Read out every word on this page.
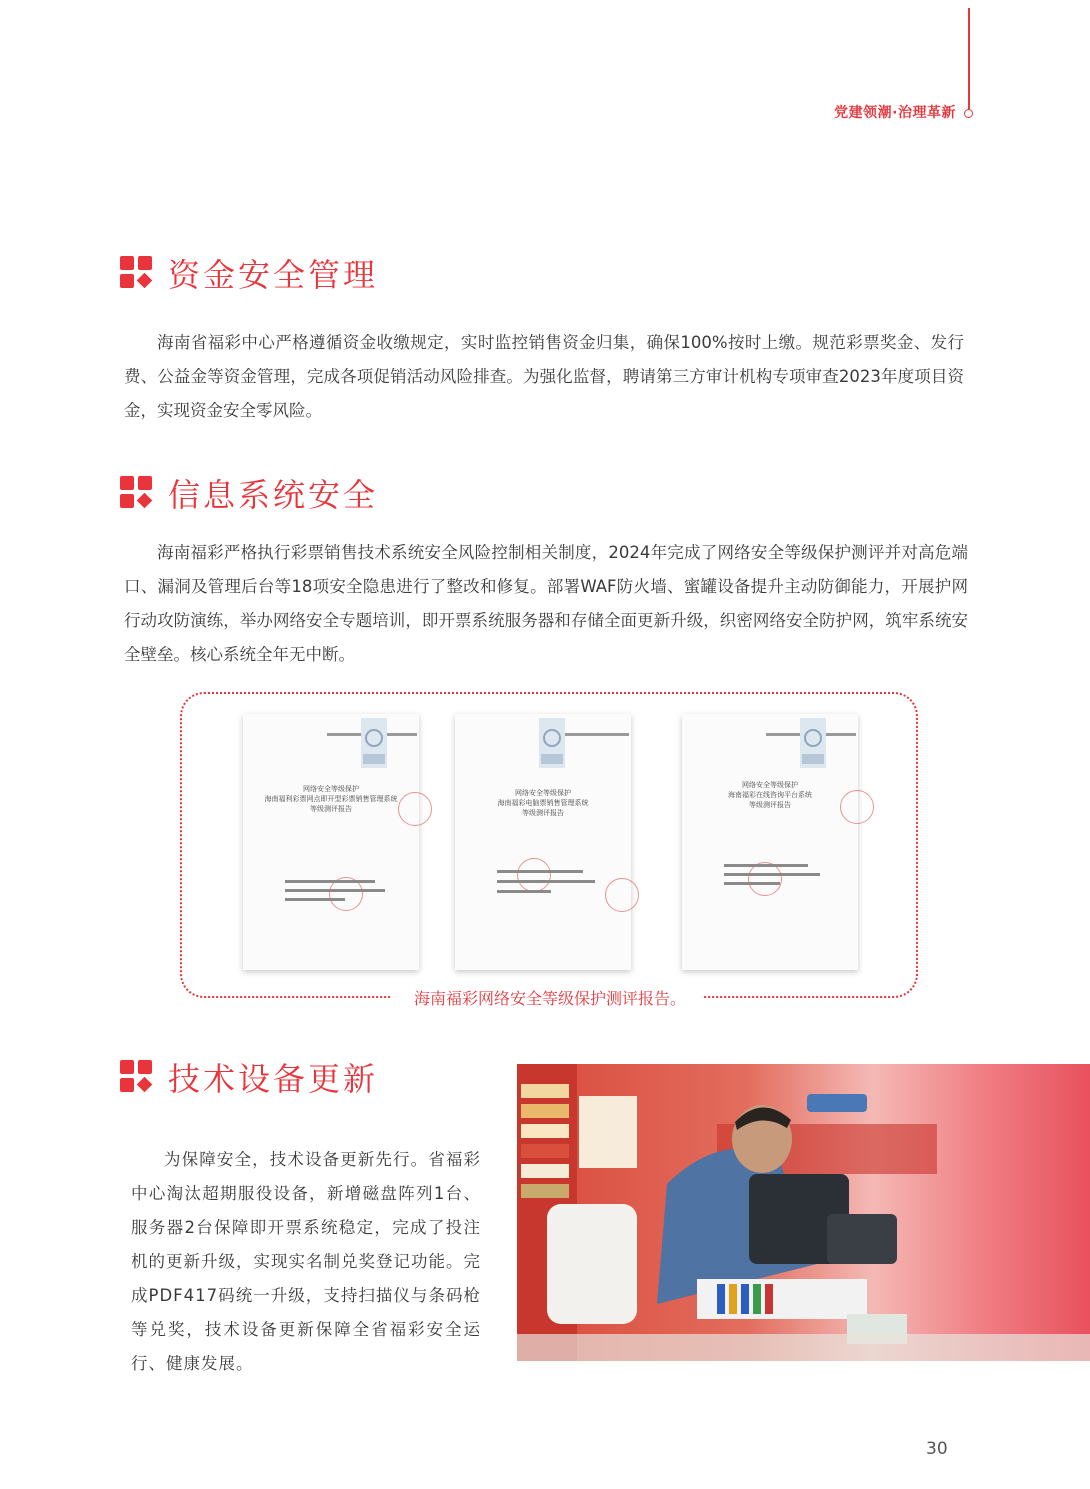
党建领潮·治理革新
资金安全管理

海南省福彩中心严格遵循资金收缴规定，实时监控销售资金归集，确保100%按时上缴。规范彩票奖金、发行费、公益金等资金管理，完成各项促销活动风险排查。为强化监督，聘请第三方审计机构专项审查2023年度项目资金，实现资金安全零风险。

信息系统安全

海南福彩严格执行彩票销售技术系统安全风险控制相关制度，2024年完成了网络安全等级保护测评并对高危端口、漏洞及管理后台等18项安全隐患进行了整改和修复。部署WAF防火墙、蜜罐设备提升主动防御能力，开展护网行动攻防演练，举办网络安全专题培训，即开票系统服务器和存储全面更新升级，织密网络安全防护网，筑牢系统安全壁垒。核心系统全年无中断。

网络安全等级保护
海南福利彩票网点即开型彩票销售管理系统
等级测评报告
网络安全等级保护
海南福彩电脑票销售管理系统
等级测评报告
网络安全等级保护
海南福彩在线咨询平台系统
等级测评报告
海南福彩网络安全等级保护测评报告。
技术设备更新

为保障安全，技术设备更新先行。省福彩中心淘汰超期服役设备，新增磁盘阵列1台、服务器2台保障即开票系统稳定，完成了投注机的更新升级，实现实名制兑奖登记功能。完成PDF417码统一升级，支持扫描仪与条码枪等兑奖，技术设备更新保障全省福彩安全运行、健康发展。

30
